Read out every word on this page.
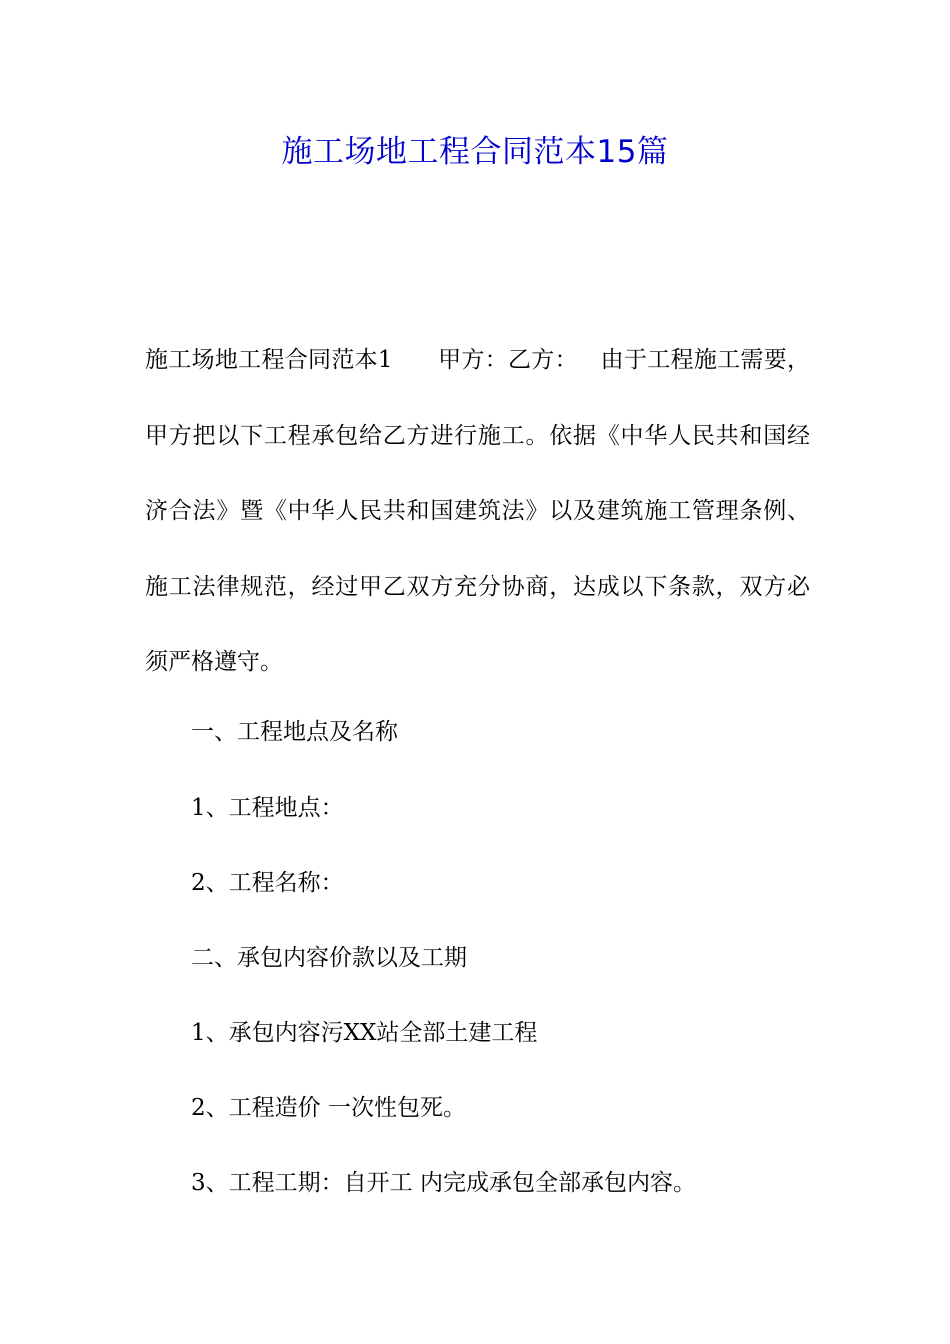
施工场地工程合同范本15篇
施工场地工程合同范本1      甲方：乙方：   由于工程施工需要，甲方把以下工程承包给乙方进行施工。依据《中华人民共和国经济合法》暨《中华人民共和国建筑法》以及建筑施工管理条例、施工法律规范，经过甲乙双方充分协商，达成以下条款，双方必须严格遵守。
一、工程地点及名称
1、工程地点：
2、工程名称：
二、承包内容价款以及工期
1、承包内容污XX站全部土建工程
2、工程造价 一次性包死。
3、工程工期：自开工 内完成承包全部承包内容。
